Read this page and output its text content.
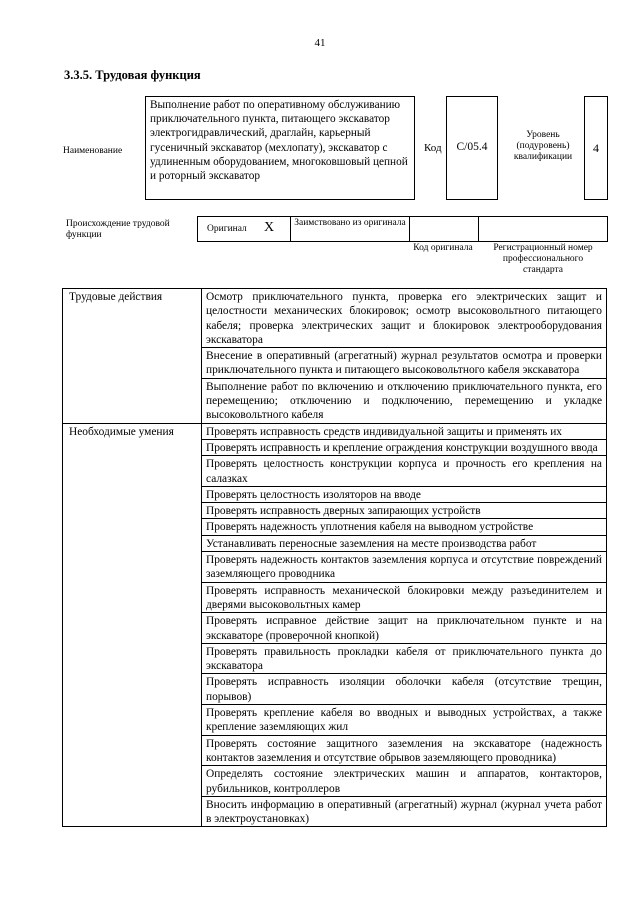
41
3.3.5. Трудовая функция
Наименование
Выполнение работ по оперативному обслуживанию приключательного пункта, питающего экскаватор электрогидравлический, драглайн, карьерный гусеничный экскаватор (мехлопату), экскаватор с удлиненным оборудованием, многоковшовый цепной и роторный экскаватор
Код	C/05.4
Уровень (подуровень) квалификации
4
Происхождение трудовой функции
Оригинал X Заимствовано из оригинала
Код оригинала	Регистрационный номер профессионального стандарта
Трудовые действия	Осмотр приключательного пункта, проверка его электрических защит и целостности механических блокировок; осмотр высоковольтного питающего кабеля; проверка электрических защит и блокировок электрооборудования экскаватора
	Внесение в оперативный (агрегатный) журнал результатов осмотра и проверки приключательного пункта и питающего высоковольтного кабеля экскаватора
	Выполнение работ по включению и отключению приключательного пункта, его перемещению; отключению и подключению, перемещению и укладке высоковольтного кабеля
Необходимые умения	Проверять исправность средств индивидуальной защиты и применять их
	Проверять исправность и крепление ограждения конструкции воздушного ввода
	Проверять целостность конструкции корпуса и прочность его крепления на салазках
	Проверять целостность изоляторов на вводе
	Проверять исправность дверных запирающих устройств
	Проверять надежность уплотнения кабеля на выводном устройстве
	Устанавливать переносные заземления на месте производства работ
	Проверять надежность контактов заземления корпуса и отсутствие повреждений заземляющего проводника
	Проверять исправность механической блокировки между разъединителем и дверями высоковольтных камер
	Проверять исправное действие защит на приключательном пункте и на экскаваторе (проверочной кнопкой)
	Проверять правильность прокладки кабеля от приключательного пункта до экскаватора
	Проверять исправность изоляции оболочки кабеля (отсутствие трещин, порывов)
	Проверять крепление кабеля во вводных и выводных устройствах, а также крепление заземляющих жил
	Проверять состояние защитного заземления на экскаваторе (надежность контактов заземления и отсутствие обрывов заземляющего проводника)
	Определять состояние электрических машин и аппаратов, контакторов, рубильников, контроллеров
	Вносить информацию в оперативный (агрегатный) журнал (журнал учета работ в электроустановках)
